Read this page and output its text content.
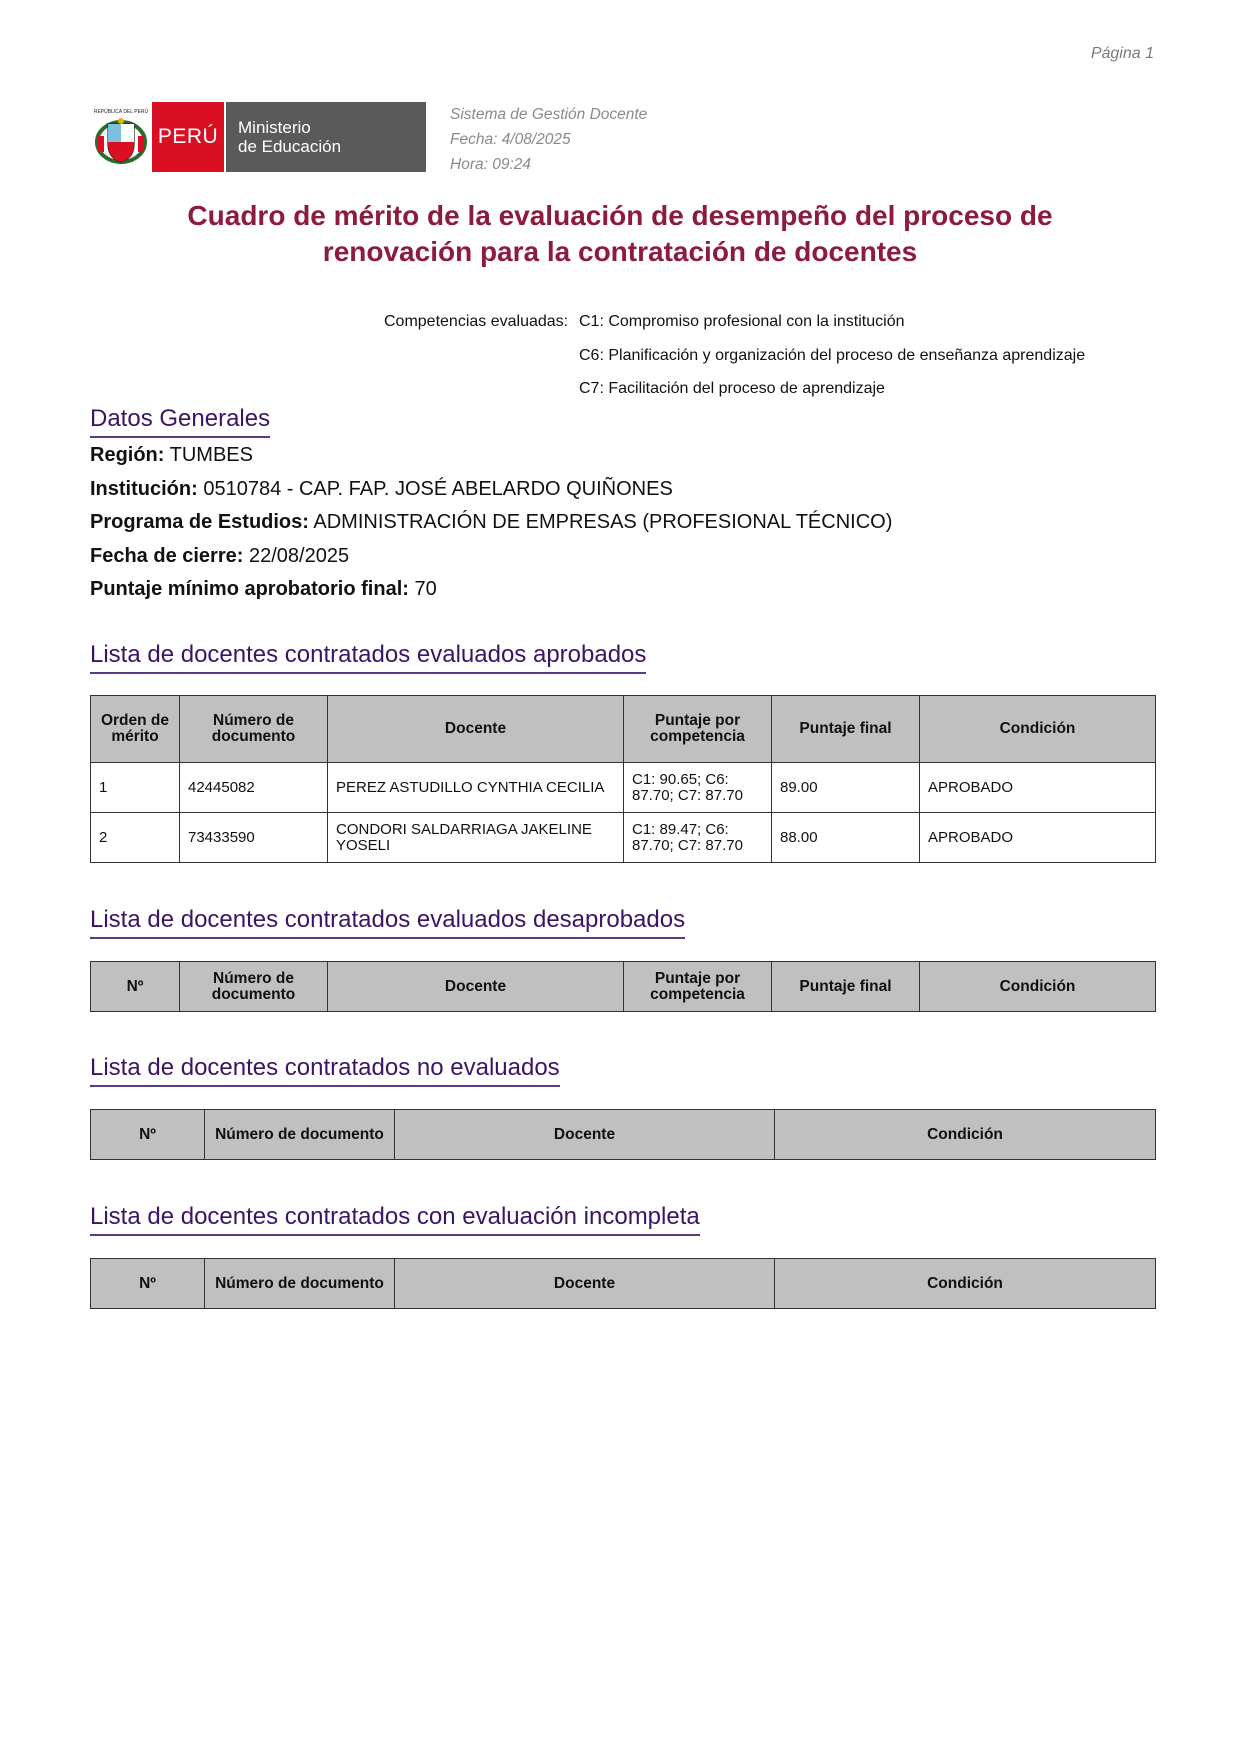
Página 1
REPÚBLICA DEL PERÚ
PERÚ	Ministerio
de Educación
Sistema de Gestión Docente
Fecha: 4/08/2025
Hora: 09:24
Cuadro de mérito de la evaluación de desempeño del proceso de
renovación para la contratación de docentes
Competencias evaluadas: C1: Compromiso profesional con la institución
C6: Planificación y organización del proceso de enseñanza aprendizaje
C7: Facilitación del proceso de aprendizaje
Datos Generales
Región: TUMBES
Institución: 0510784 - CAP. FAP. JOSÉ ABELARDO QUIÑONES
Programa de Estudios: ADMINISTRACIÓN DE EMPRESAS (PROFESIONAL TÉCNICO)
Fecha de cierre: 22/08/2025
Puntaje mínimo aprobatorio final: 70
Lista de docentes contratados evaluados aprobados
Orden de mérito	Número de documento	Docente	Puntaje por competencia	Puntaje final	Condición
1	42445082	PEREZ ASTUDILLO CYNTHIA CECILIA	C1: 90.65; C6: 87.70; C7: 87.70	89.00	APROBADO
2	73433590	CONDORI SALDARRIAGA JAKELINE YOSELI	C1: 89.47; C6: 87.70; C7: 87.70	88.00	APROBADO
Lista de docentes contratados evaluados desaprobados
Nº	Número de documento	Docente	Puntaje por competencia	Puntaje final	Condición
Lista de docentes contratados no evaluados
Nº	Número de documento	Docente	Condición
Lista de docentes contratados con evaluación incompleta
Nº	Número de documento	Docente	Condición
